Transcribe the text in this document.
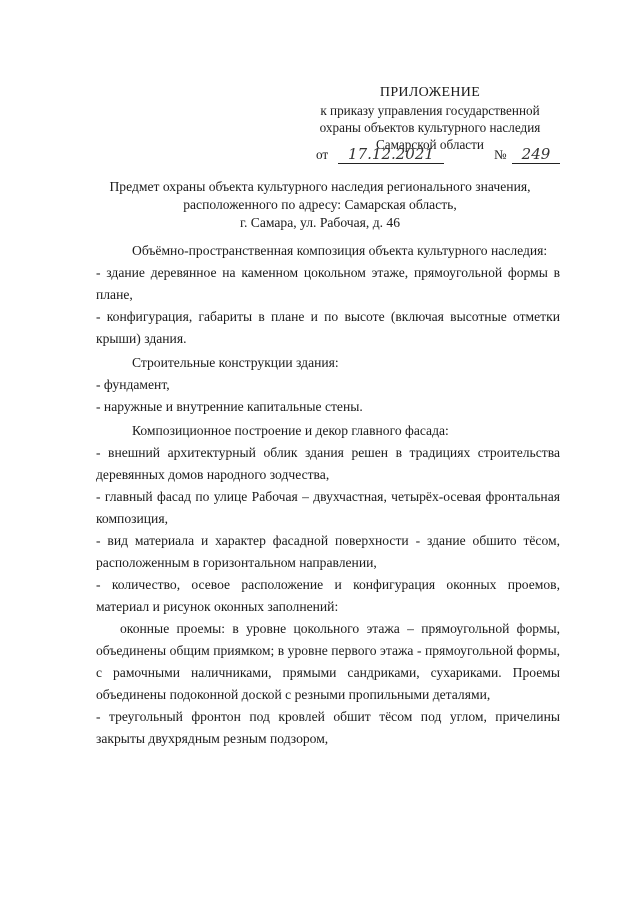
ПРИЛОЖЕНИЕ
к приказу управления государственной
охраны объектов культурного наследия
Самарской области
от	17.12.2021	№	249
Предмет охраны объекта культурного наследия регионального значения,
расположенного по адресу: Самарская область,
г. Самара, ул. Рабочая, д. 46

Объёмно-пространственная композиция объекта культурного наследия:

- здание деревянное на каменном цокольном этаже, прямоугольной формы в плане,

- конфигурация, габариты в плане и по высоте (включая высотные отметки крыши) здания.

Строительные конструкции здания:

- фундамент,

- наружные и внутренние капитальные стены.

Композиционное построение и декор главного фасада:

- внешний архитектурный облик здания решен в традициях строительства деревянных домов народного зодчества,

- главный фасад по улице Рабочая – двухчастная, четырёх-осевая фронтальная композиция,

- вид материала и характер фасадной поверхности - здание обшито тёсом, расположенным в горизонтальном направлении,

- количество, осевое расположение и конфигурация оконных проемов, материал и рисунок оконных заполнений:

оконные проемы: в уровне цокольного этажа – прямоугольной формы, объединены общим приямком; в уровне первого этажа - прямоугольной формы, с рамочными наличниками, прямыми сандриками, сухариками. Проемы объединены подоконной доской с резными пропильными деталями,

- треугольный фронтон под кровлей обшит тёсом под углом, причелины закрыты двухрядным резным подзором,
